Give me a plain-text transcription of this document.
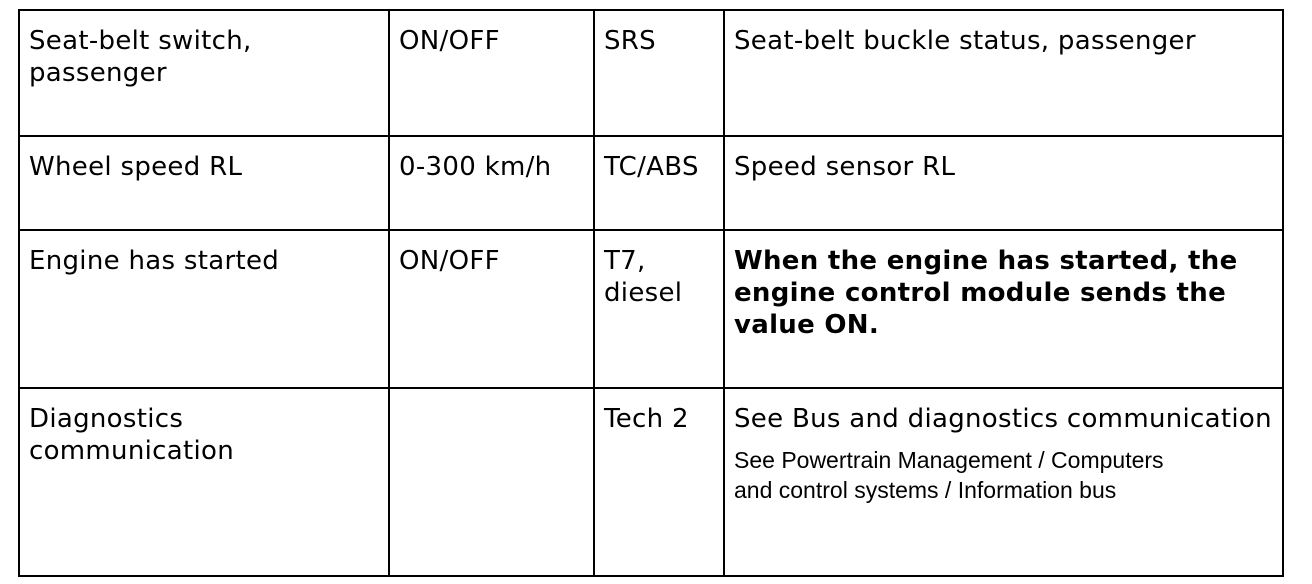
Seat-belt switch, passenger	ON/OFF	SRS	Seat-belt buckle status, passenger
Wheel speed RL	0-300 km/h	TC/ABS	Speed sensor RL
Engine has started	ON/OFF	T7, diesel	When the engine has started, the engine control module sends the value ON.
Diagnostics communication		Tech 2	See Bus and diagnostics communication
See Powertrain Management / Computers
and control systems / Information bus
